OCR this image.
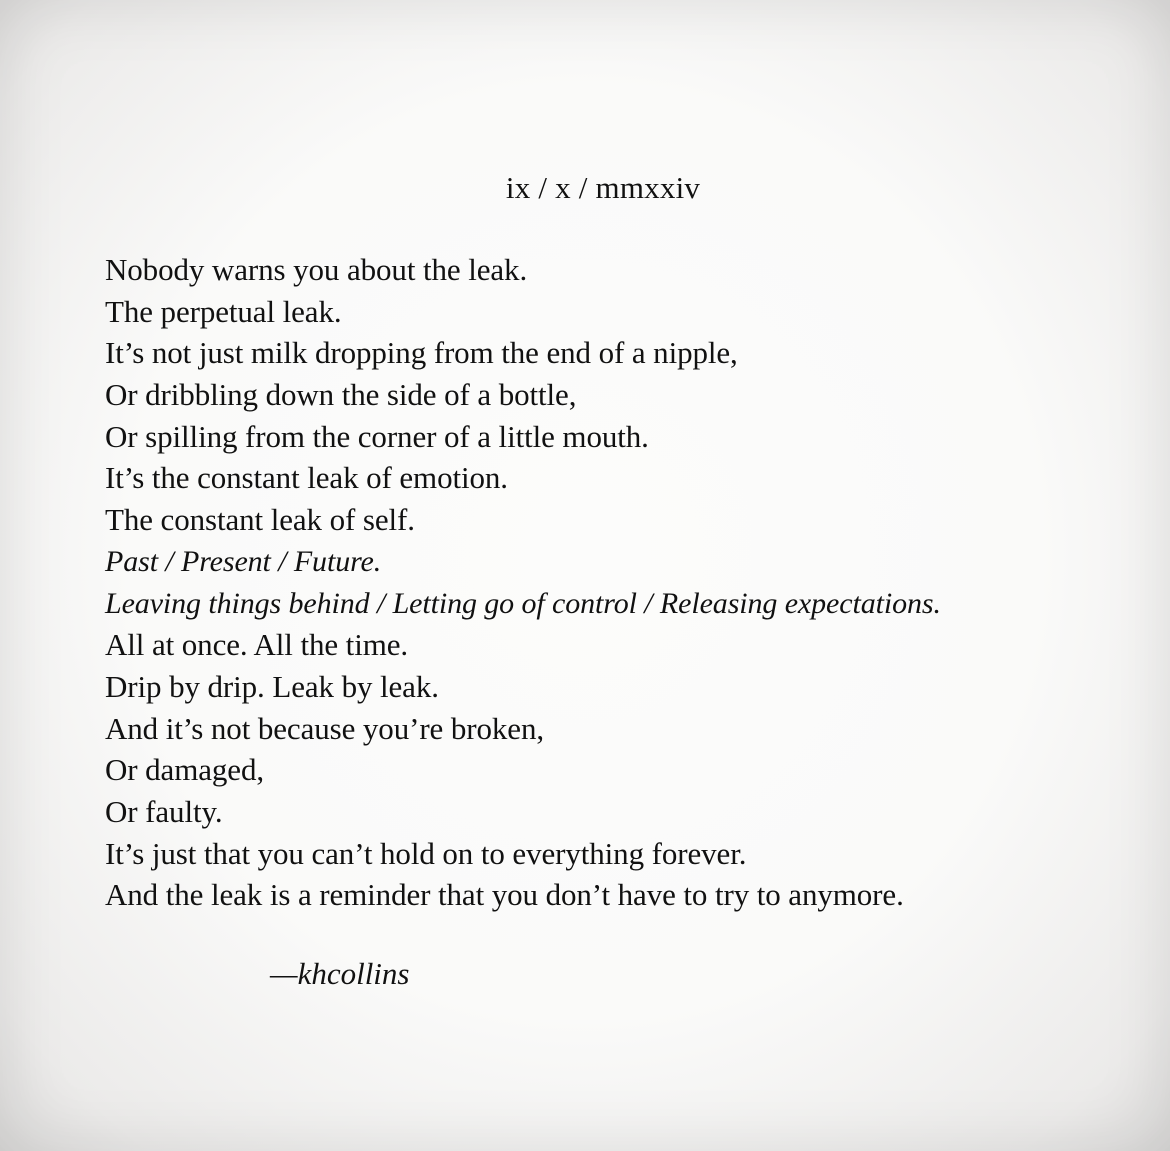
ix / x / mmxxiv
Nobody warns you about the leak.
The perpetual leak.
It’s not just milk dropping from the end of a nipple,
Or dribbling down the side of a bottle,
Or spilling from the corner of a little mouth.
It’s the constant leak of emotion.
The constant leak of self.
Past / Present / Future.
Leaving things behind / Letting go of control / Releasing expectations.
All at once. All the time.
Drip by drip. Leak by leak.
And it’s not because you’re broken,
Or damaged,
Or faulty.
It’s just that you can’t hold on to everything forever.
And the leak is a reminder that you don’t have to try to anymore.
—khcollins
